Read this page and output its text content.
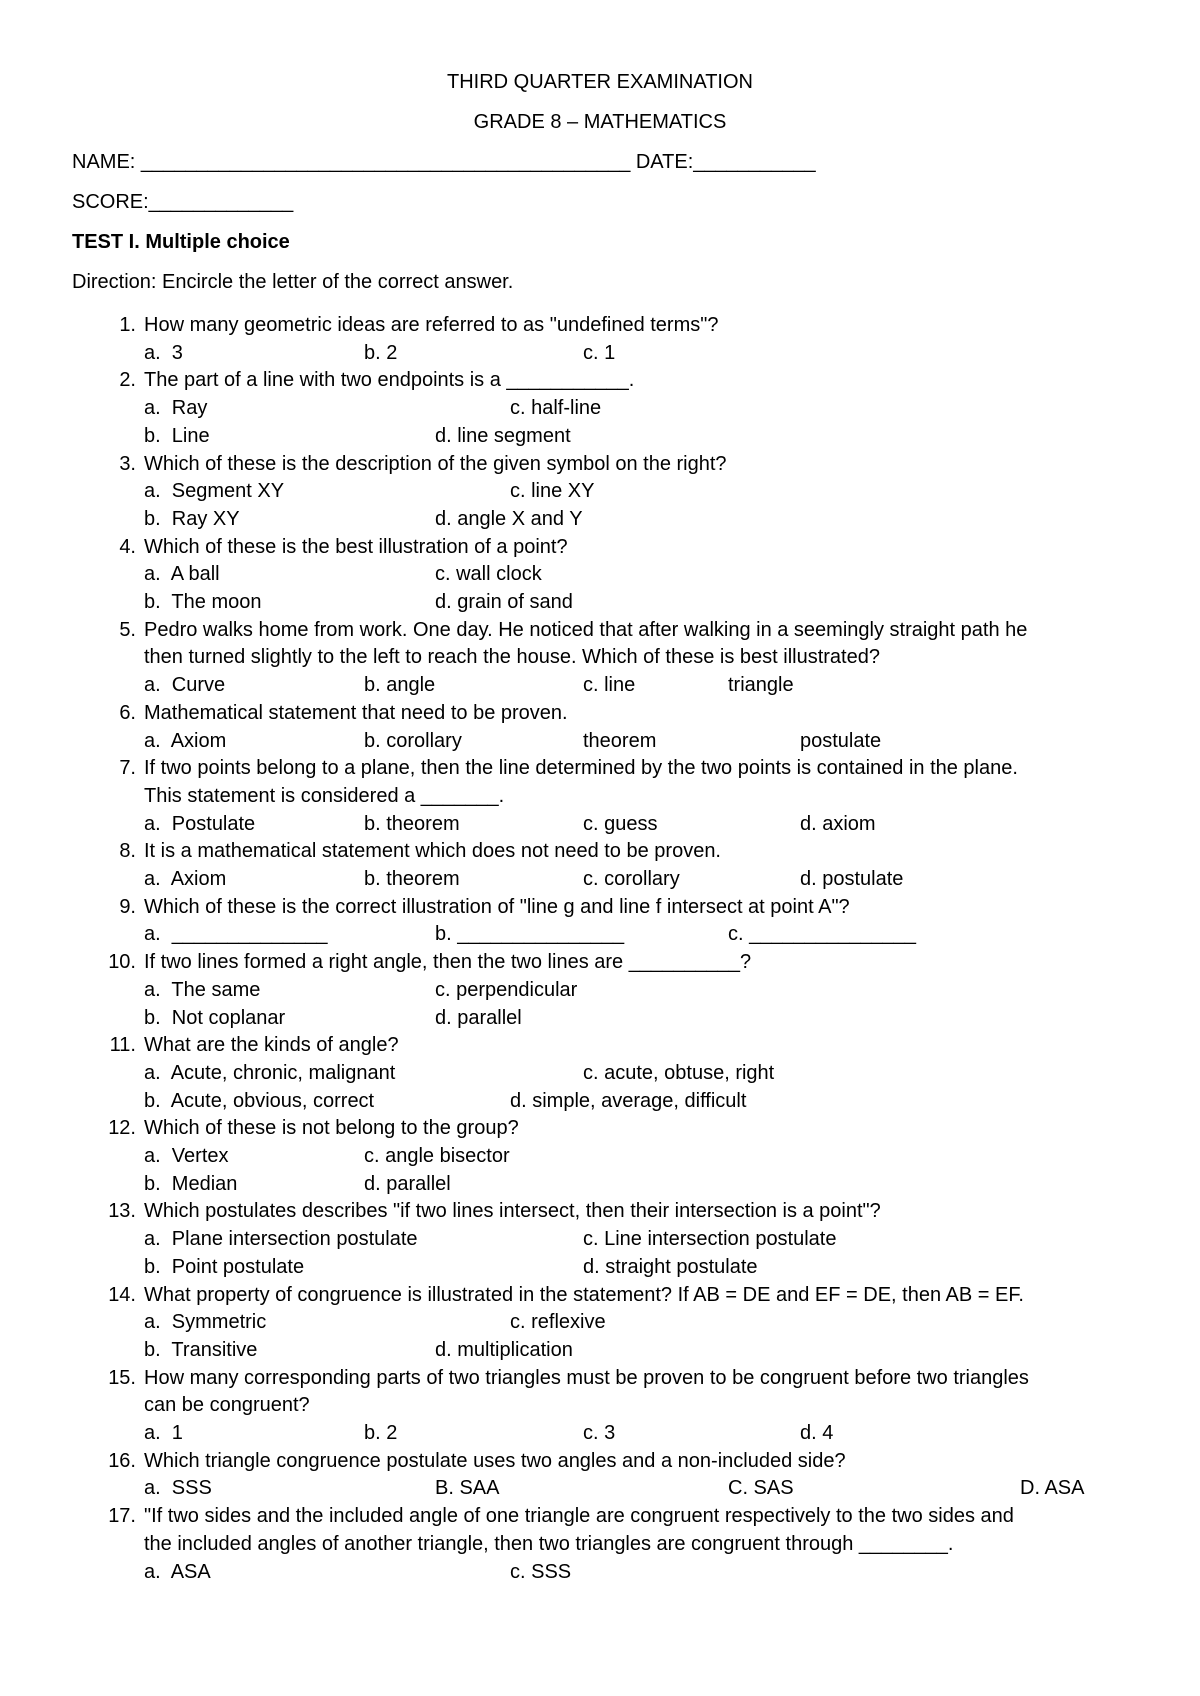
THIRD QUARTER EXAMINATION
GRADE 8 – MATHEMATICS
NAME: ____________________________________________ DATE:___________
SCORE:_____________
TEST I. Multiple choice
Direction: Encircle the letter of the correct answer.
1. How many geometric ideas are referred to as "undefined terms"?
a.  3	b. 2	c. 1
2. The part of a line with two endpoints is a ___________.
a.  Ray	c. half-line
b.  Line	d. line segment
3. Which of these is the description of the given symbol on the right?
a.  Segment XY	c. line XY
b.  Ray XY	d. angle X and Y
4. Which of these is the best illustration of a point?
a.  A ball	c. wall clock
b.  The moon	d. grain of sand
5. Pedro walks home from work. One day. He noticed that after walking in a seemingly straight path he
then turned slightly to the left to reach the house. Which of these is best illustrated?
a.  Curve	b. angle	c. line	triangle
6. Mathematical statement that need to be proven.
a.  Axiom	b. corollary	theorem	postulate
7. If two points belong to a plane, then the line determined by the two points is contained in the plane.
This statement is considered a _______.
a.  Postulate	b. theorem	c. guess	d. axiom
8. It is a mathematical statement which does not need to be proven.
a.  Axiom	b. theorem	c. corollary	d. postulate
9. Which of these is the correct illustration of "line g and line f intersect at point A"?
a.  ______________	b. _______________	c. _______________
10. If two lines formed a right angle, then the two lines are __________?
a.  The same	c. perpendicular
b.  Not coplanar	d. parallel
11. What are the kinds of angle?
a.  Acute, chronic, malignant	c. acute, obtuse, right
b.  Acute, obvious, correct	d. simple, average, difficult
12. Which of these is not belong to the group?
a.  Vertex	c. angle bisector
b.  Median	d. parallel
13. Which postulates describes "if two lines intersect, then their intersection is a point"?
a.  Plane intersection postulate	c. Line intersection postulate
b.  Point postulate	d. straight postulate
14. What property of congruence is illustrated in the statement? If AB = DE and EF = DE, then AB = EF.
a.  Symmetric	c. reflexive
b.  Transitive	d. multiplication
15. How many corresponding parts of two triangles must be proven to be congruent before two triangles
can be congruent?
a.  1	b. 2	c. 3	d. 4
16. Which triangle congruence postulate uses two angles and a non-included side?
a.  SSS	B. SAA	C. SAS	D. ASA
17. "If two sides and the included angle of one triangle are congruent respectively to the two sides and
the included angles of another triangle, then two triangles are congruent through ________.
a.  ASA	c. SSS
